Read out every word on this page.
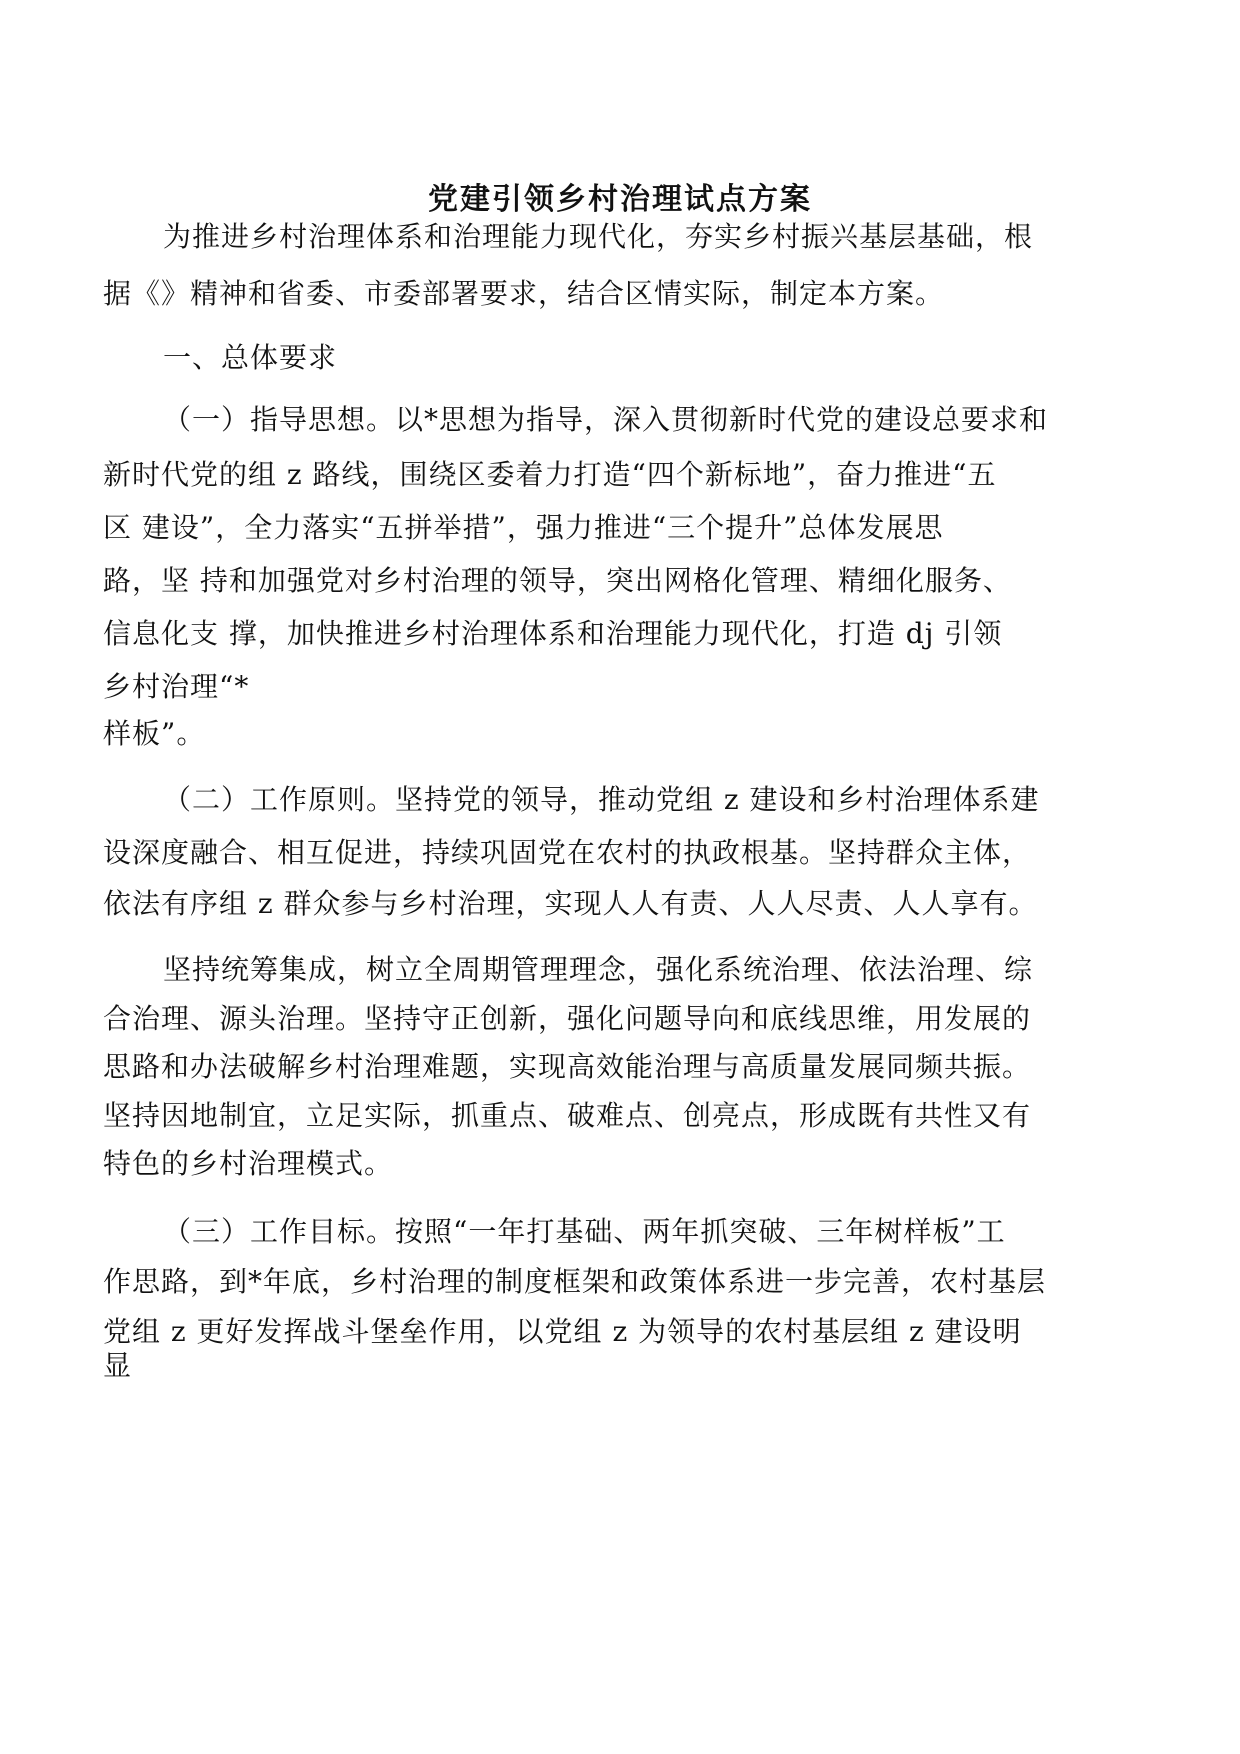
党建引领乡村治理试点方案
为推进乡村治理体系和治理能力现代化，夯实乡村振兴基层基础，根
据《》精神和省委、市委部署要求，结合区情实际，制定本方案。
一、总体要求
（一）指导思想。以*思想为指导，深入贯彻新时代党的建设总要求和
新时代党的组 z 路线，围绕区委着力打造“四个新标地”，奋力推进“五
区 建设”，全力落实“五拼举措”，强力推进“三个提升”总体发展思
路，坚 持和加强党对乡村治理的领导，突出网格化管理、精细化服务、
信息化支 撑，加快推进乡村治理体系和治理能力现代化，打造 dj 引领
乡村治理“*
样板”。
（二）工作原则。坚持党的领导，推动党组 z 建设和乡村治理体系建
设深度融合、相互促进，持续巩固党在农村的执政根基。坚持群众主体，
依法有序组 z 群众参与乡村治理，实现人人有责、人人尽责、人人享有。
坚持统筹集成，树立全周期管理理念，强化系统治理、依法治理、综
合治理、源头治理。坚持守正创新，强化问题导向和底线思维，用发展的
思路和办法破解乡村治理难题，实现高效能治理与高质量发展同频共振。
坚持因地制宜，立足实际，抓重点、破难点、创亮点，形成既有共性又有
特色的乡村治理模式。
（三）工作目标。按照“一年打基础、两年抓突破、三年树样板”工
作思路，到*年底，乡村治理的制度框架和政策体系进一步完善，农村基层
党组 z 更好发挥战斗堡垒作用，以党组 z 为领导的农村基层组 z 建设明
显
